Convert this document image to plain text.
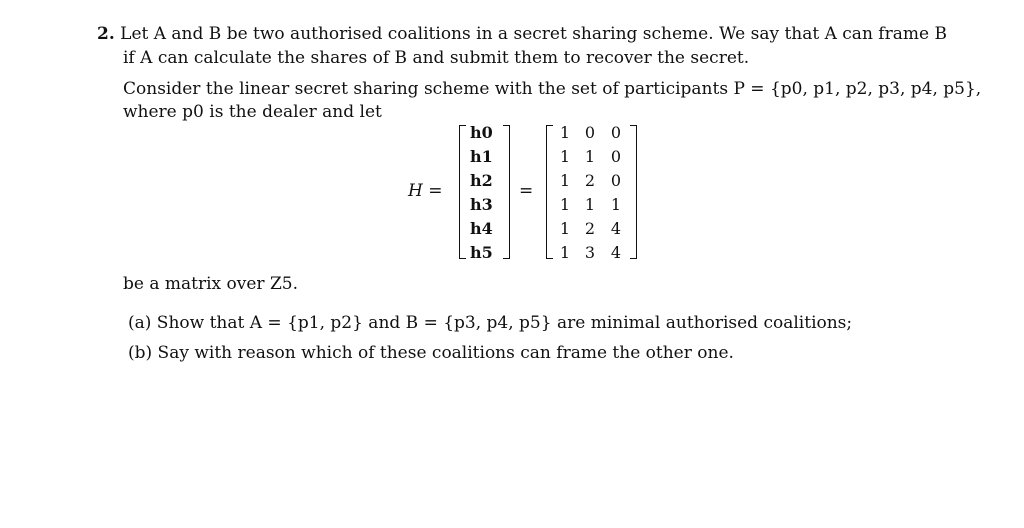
2. Let A and B be two authorised coalitions in a secret sharing scheme. We say that A can frame B
if A can calculate the shares of B and submit them to recover the secret.
Consider the linear secret sharing scheme with the set of participants P = {p0, p1, p2, p3, p4, p5},
where p0 is the dealer and let
H =
h0
h1
h2
h3
h4
h5
=
1 0 0
1 1 0
1 2 0
1 1 1
1 2 4
1 3 4
be a matrix over Z5.
(a) Show that A = {p1, p2} and B = {p3, p4, p5} are minimal authorised coalitions;
(b) Say with reason which of these coalitions can frame the other one.
